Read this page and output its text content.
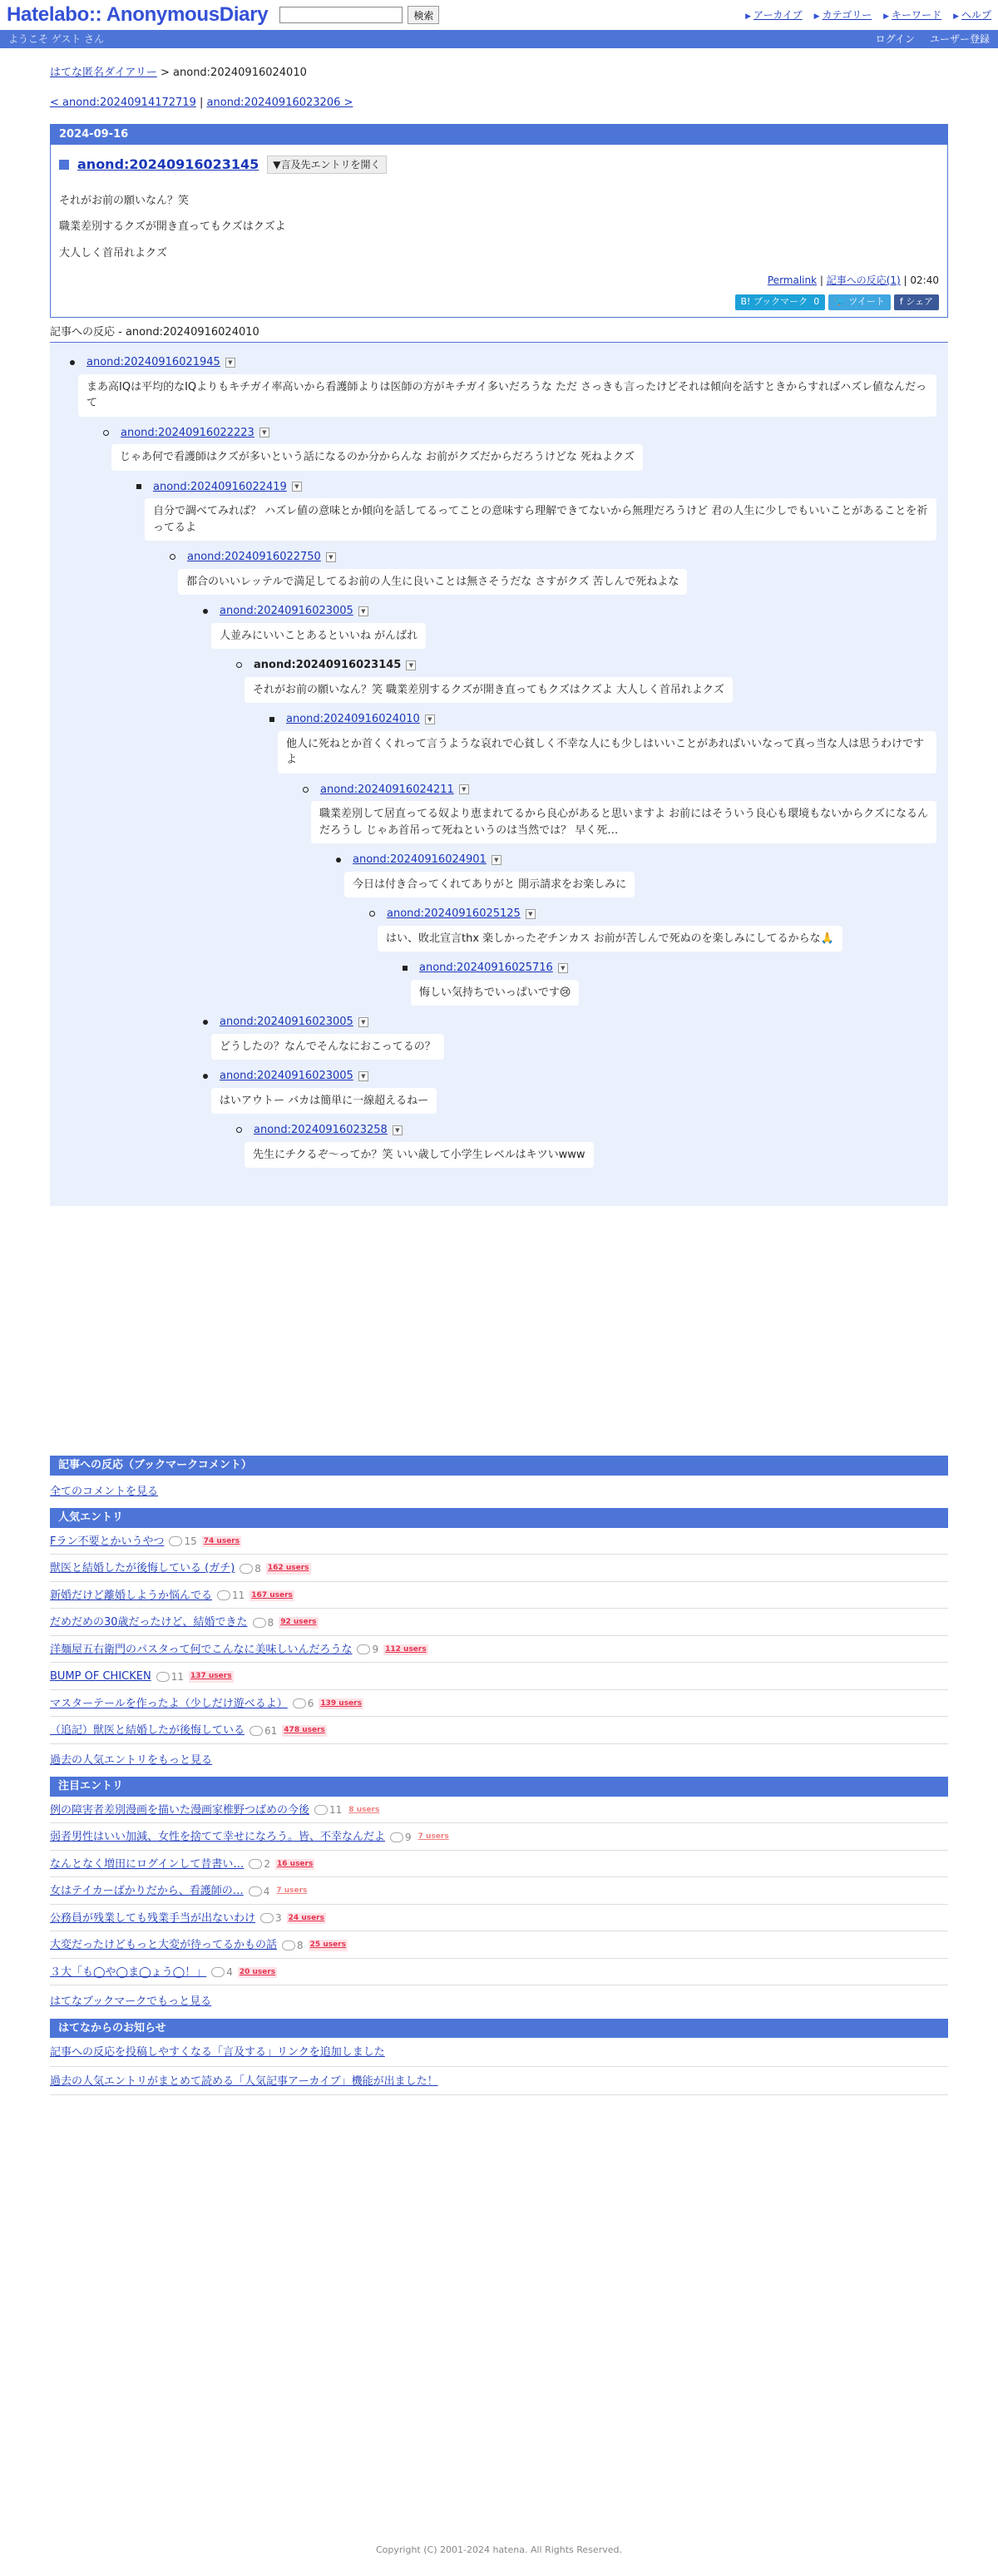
Hatelabo:: AnonymousDiary	検索	▶ アーカイブ	▶ カテゴリー	▶ キーワード	▶ ヘルプ
ようこそ ゲスト さん	ログイン ユーザー登録
はてな匿名ダイアリー > anond:20240916024010
< anond:20240914172719 | anond:20240916023206 >
2024-09-16
anond:20240916023145	▼言及先エントリを開く

それがお前の願いなん？笑

職業差別するクズが開き直ってもクズはクズよ

大人しく首吊れよクズ

Permalink | 記事への反応(1) | 02:40
B! ブックマーク 0	🐦 ツイート	f シェア
記事への反応 - anond:20240916024010
anond:20240916021945	▼
まあ高IQは平均的なIQよりもキチガイ率高いから看護師よりは医師の方がキチガイ多いだろうな ただ さっきも言ったけどそれは傾向を話すときからすればハズレ値なんだって
anond:20240916022223	▼
じゃあ何で看護師はクズが多いという話になるのか分からんな お前がクズだからだろうけどな 死ねよクズ
anond:20240916022419	▼
自分で調べてみれば？ ハズレ値の意味とか傾向を話してるってことの意味すら理解できてないから無理だろうけど 君の人生に少しでもいいことがあることを祈ってるよ
anond:20240916022750	▼
都合のいいレッテルで満足してるお前の人生に良いことは無さそうだな さすがクズ 苦しんで死ねよな
anond:20240916023005	▼
人並みにいいことあるといいね がんばれ
anond:20240916023145	▼
それがお前の願いなん？笑 職業差別するクズが開き直ってもクズはクズよ 大人しく首吊れよクズ
anond:20240916024010	▼
他人に死ねとか首くくれって言うような哀れで心貧しく不幸な人にも少しはいいことがあればいいなって真っ当な人は思うわけですよ
anond:20240916024211	▼
職業差別して居直ってる奴より恵まれてるから良心があると思いますよ お前にはそういう良心も環境もないからクズになるんだろうし じゃあ首吊って死ねというのは当然では？ 早く死…
anond:20240916024901	▼
今日は付き合ってくれてありがと 開示請求をお楽しみに
anond:20240916025125	▼
はい、敗北宣言thx 楽しかったぞチンカス お前が苦しんで死ぬのを楽しみにしてるからな🙏
anond:20240916025716	▼
悔しい気持ちでいっぱいです😢
anond:20240916023005	▼
どうしたの？なんでそんなにおこってるの？
anond:20240916023005	▼
はいアウトー バカは簡単に一線超えるねー
anond:20240916023258	▼
先生にチクるぞ〜ってか？笑 いい歳して小学生レベルはキツいwww
記事への反応（ブックマークコメント）
全てのコメントを見る
人気エントリ
Fラン不要とかいうやつ 15 74 users
獣医と結婚したが後悔している (ガチ) 8 162 users
新婚だけど離婚しようか悩んでる 11 167 users
だめだめの30歳だったけど、結婚できた 8 92 users
洋麺屋五右衛門のパスタって何でこんなに美味しいんだろうな 9 112 users
BUMP OF CHICKEN 11 137 users
マスターテールを作ったよ（少しだけ遊べるよ） 6 139 users
（追記）獣医と結婚したが後悔している 61 478 users
過去の人気エントリをもっと見る
注目エントリ
例の障害者差別漫画を描いた漫画家椎野つばめの今後 11 8 users
弱者男性はいい加減、女性を捨てて幸せになろう。皆、不幸なんだよ 9 7 users
なんとなく増田にログインして昔書い… 2 16 users
女はテイカーばかりだから、看護師の… 4 7 users
公務員が残業しても残業手当が出ないわけ 3 24 users
大変だったけどもっと大変が待ってるかもの話 8 25 users
３大「も◯や◯ま◯ょう◯！」 4 20 users
はてなブックマークでもっと見る
はてなからのお知らせ
記事への反応を投稿しやすくなる「言及する」リンクを追加しました
過去の人気エントリがまとめて読める「人気記事アーカイブ」機能が出ました！
Copyright (C) 2001-2024 hatena. All Rights Reserved.
